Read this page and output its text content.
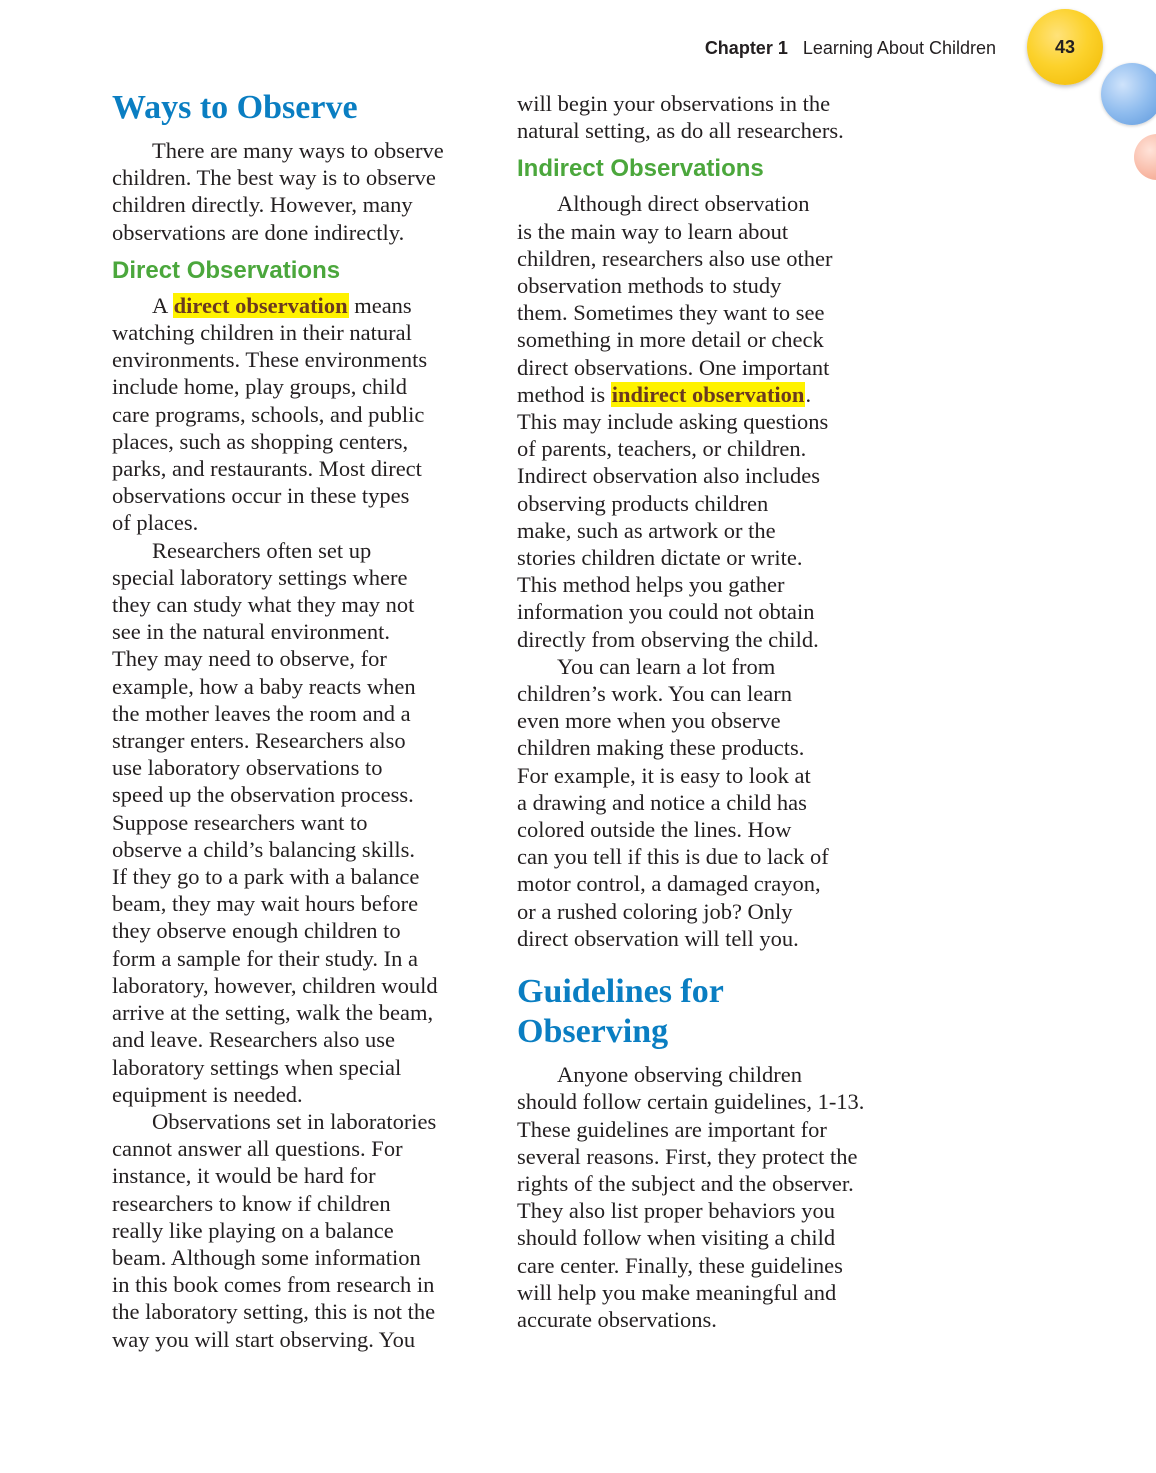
Chapter 1 Learning About Children	43
Ways to Observe

There are many ways to observe

children. The best way is to observe

children directly. However, many

observations are done indirectly.

Direct Observations

A direct observation means

watching children in their natural

environments. These environments

include home, play groups, child

care programs, schools, and public

places, such as shopping centers,

parks, and restaurants. Most direct

observations occur in these types

of places.

Researchers often set up

special laboratory settings where

they can study what they may not

see in the natural environment.

They may need to observe, for

example, how a baby reacts when

the mother leaves the room and a

stranger enters. Researchers also

use laboratory observations to

speed up the observation process.

Suppose researchers want to

observe a child’s balancing skills.

If they go to a park with a balance

beam, they may wait hours before

they observe enough children to

form a sample for their study. In a

laboratory, however, children would

arrive at the setting, walk the beam,

and leave. Researchers also use

laboratory settings when special

equipment is needed.

Observations set in laboratories

cannot answer all questions. For

instance, it would be hard for

researchers to know if children

really like playing on a balance

beam. Although some information

in this book comes from research in

the laboratory setting, this is not the

way you will start observing. You

will begin your observations in the

natural setting, as do all researchers.

Indirect Observations

Although direct observation

is the main way to learn about

children, researchers also use other

observation methods to study

them. Sometimes they want to see

something in more detail or check

direct observations. One important

method is indirect observation.

This may include asking questions

of parents, teachers, or children.

Indirect observation also includes

observing products children

make, such as artwork or the

stories children dictate or write.

This method helps you gather

information you could not obtain

directly from observing the child.

You can learn a lot from

children’s work. You can learn

even more when you observe

children making these products.

For example, it is easy to look at

a drawing and notice a child has

colored outside the lines. How

can you tell if this is due to lack of

motor control, a damaged crayon,

or a rushed coloring job? Only

direct observation will tell you.

Guidelines for
Observing

Anyone observing children

should follow certain guidelines, 1-13.

These guidelines are important for

several reasons. First, they protect the

rights of the subject and the observer.

They also list proper behaviors you

should follow when visiting a child

care center. Finally, these guidelines

will help you make meaningful and

accurate observations.
